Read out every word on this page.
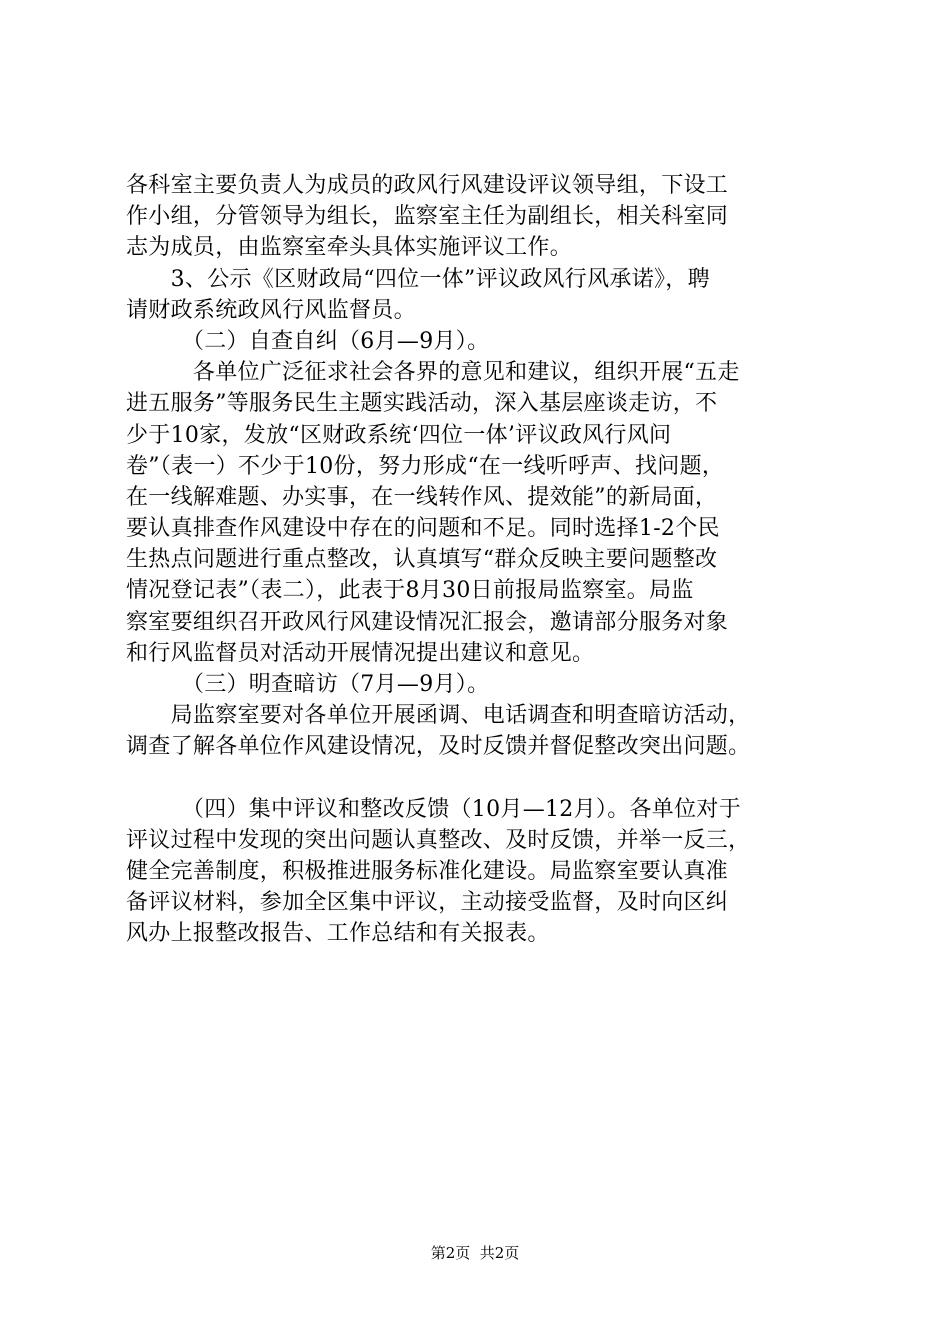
各科室主要负责人为成员的政风行风建设评议领导组，下设工
作小组，分管领导为组长，监察室主任为副组长，相关科室同
志为成员，由监察室牵头具体实施评议工作。
　　3、公示《区财政局“四位一体”评议政风行风承诺》，聘
请财政系统政风行风监督员。
　　　（二）自查自纠（6月—9月）。
　　　各单位广泛征求社会各界的意见和建议，组织开展“五走
进五服务”等服务民生主题实践活动，深入基层座谈走访，不
少于10家，发放“区财政系统‘四位一体’评议政风行风问
卷”（表一）不少于10份，努力形成“在一线听呼声、找问题，
在一线解难题、办实事，在一线转作风、提效能”的新局面，
要认真排查作风建设中存在的问题和不足。同时选择1-2个民
生热点问题进行重点整改，认真填写“群众反映主要问题整改
情况登记表”（表二），此表于8月30日前报局监察室。局监
察室要组织召开政风行风建设情况汇报会，邀请部分服务对象
和行风监督员对活动开展情况提出建议和意见。
　　　（三）明查暗访（7月—9月）。
　　局监察室要对各单位开展函调、电话调查和明查暗访活动，
调查了解各单位作风建设情况，及时反馈并督促整改突出问题。
　　　（四）集中评议和整改反馈（10月—12月）。各单位对于
评议过程中发现的突出问题认真整改、及时反馈，并举一反三，
健全完善制度，积极推进服务标准化建设。局监察室要认真准
备评议材料，参加全区集中评议，主动接受监督，及时向区纠
风办上报整改报告、工作总结和有关报表。
第2页  共2页
